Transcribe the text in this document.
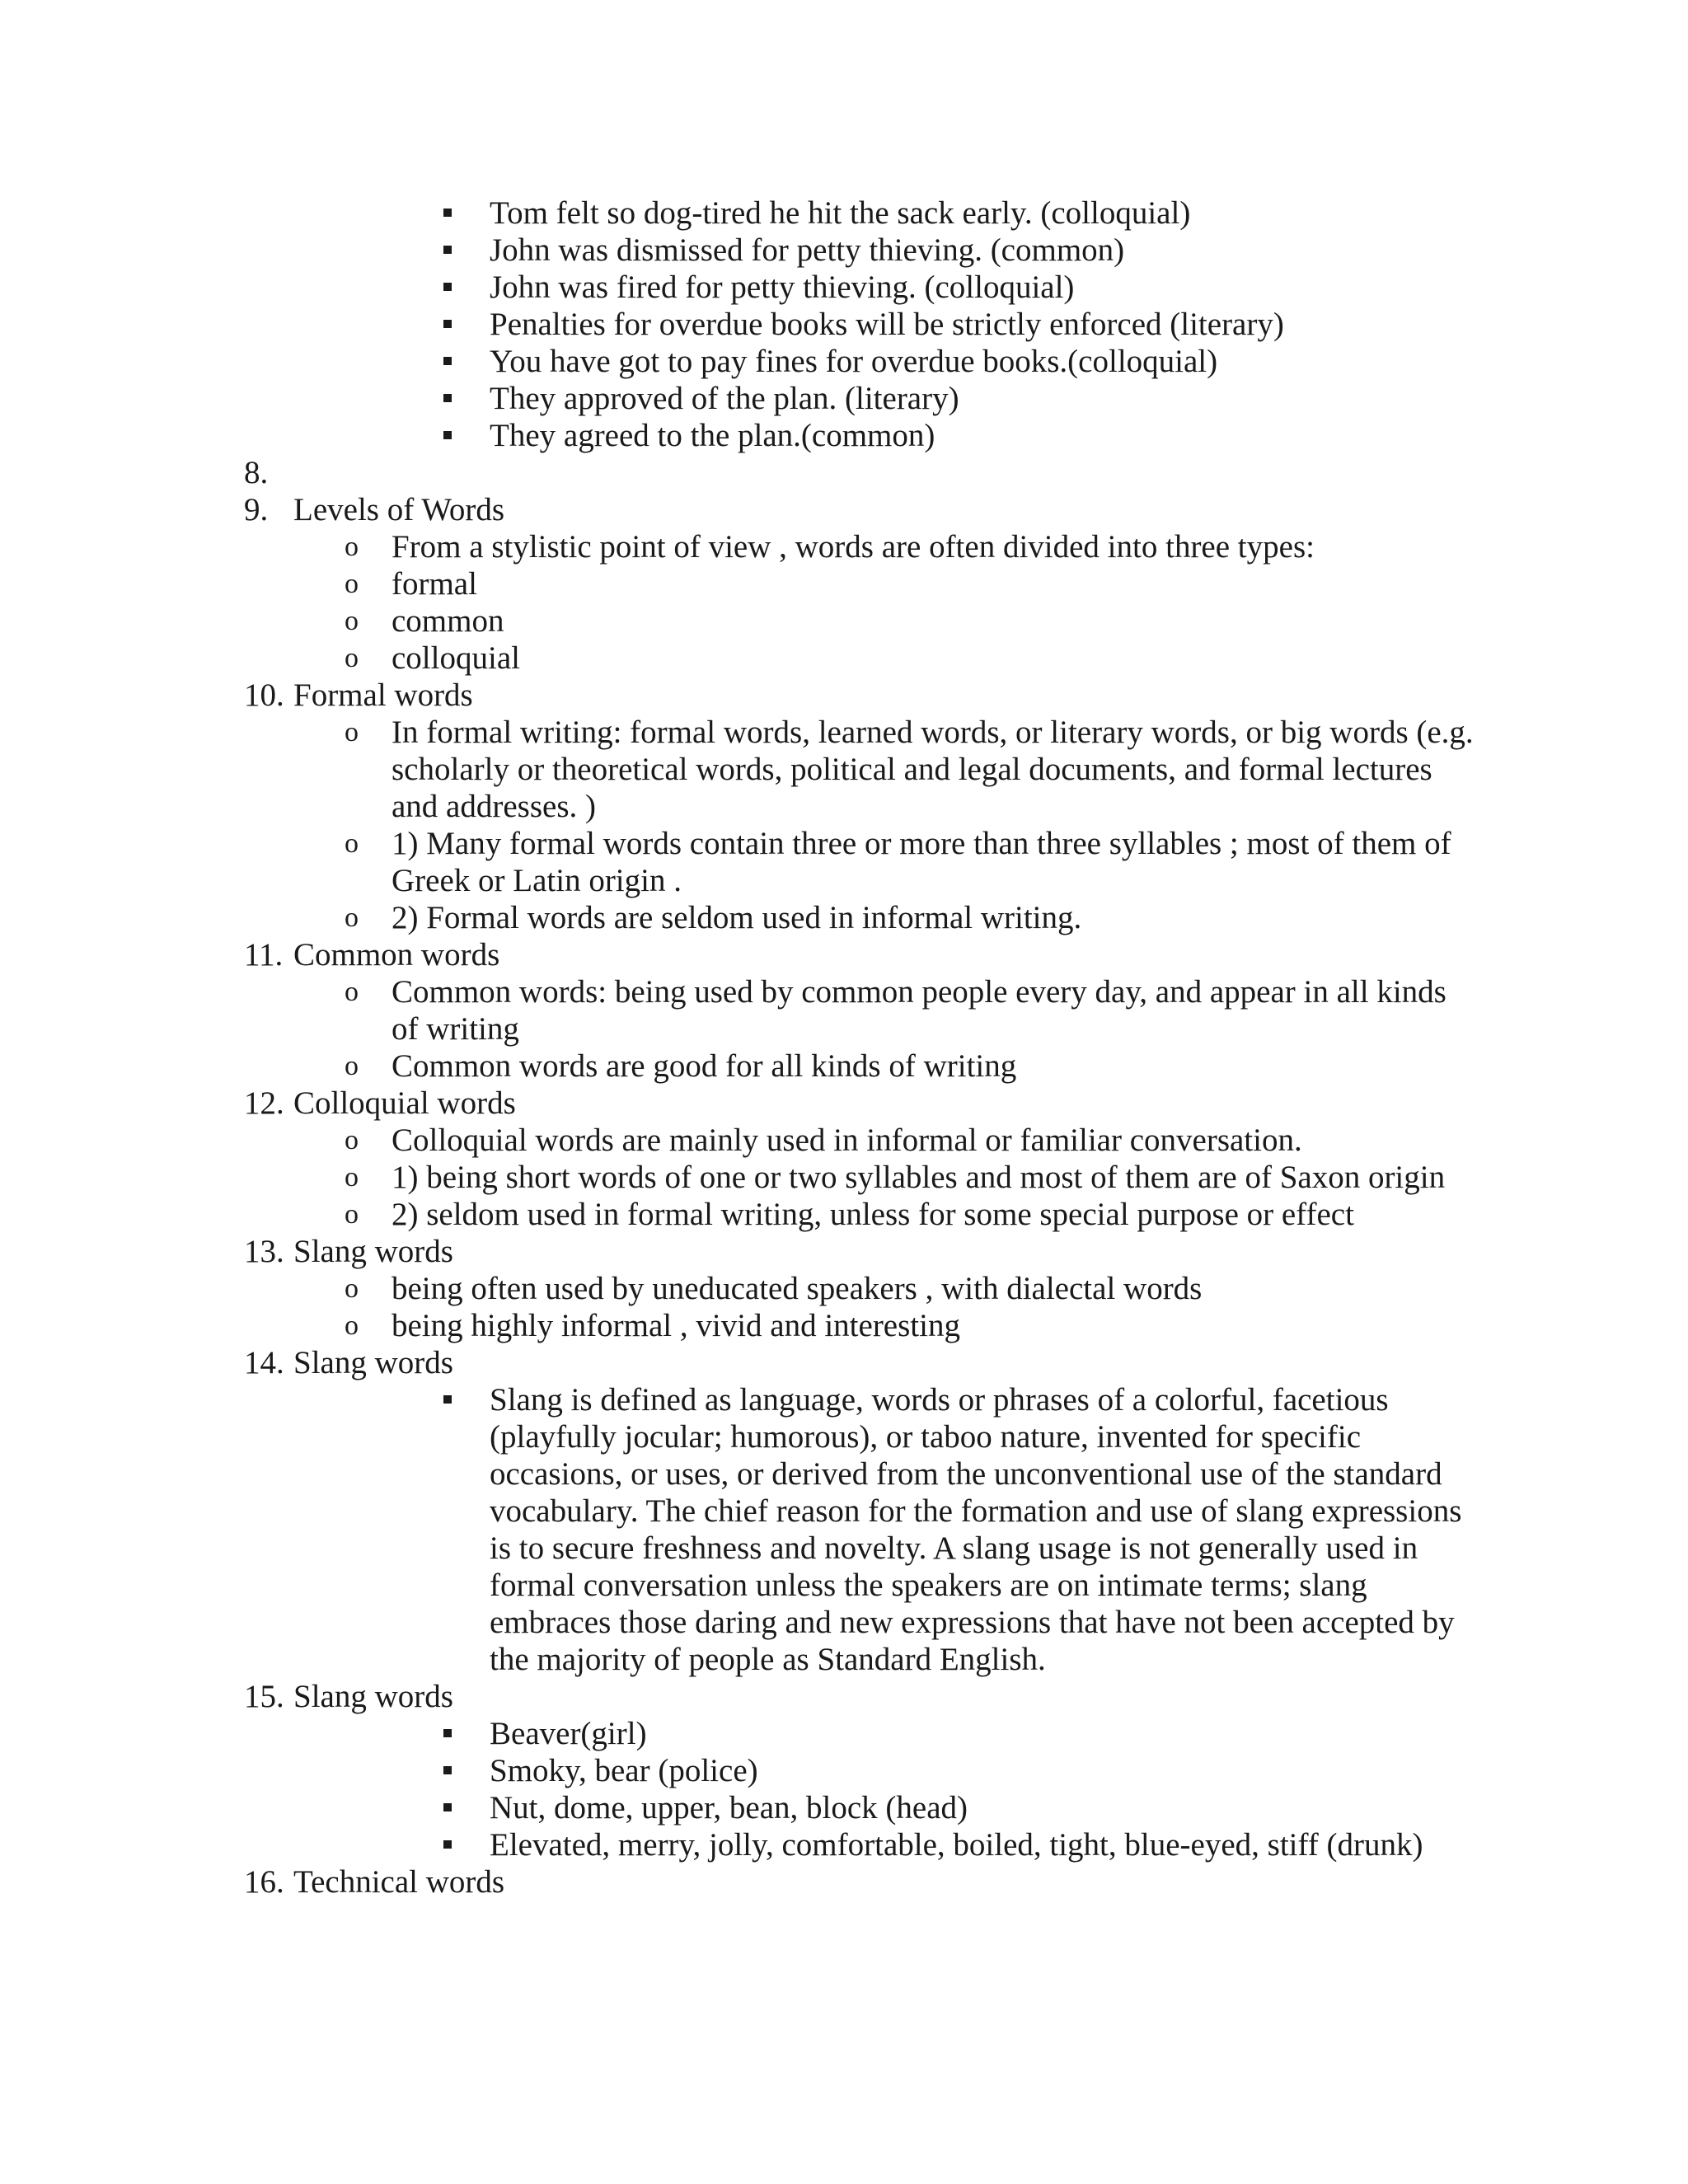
Tom felt so dog-tired he hit the sack early. (colloquial)
John was dismissed for petty thieving. (common)
John was fired for petty thieving. (colloquial)
Penalties for overdue books will be strictly enforced (literary)
You have got to pay fines for overdue books.(colloquial)
They approved of the plan. (literary)
They agreed to the plan.(common)
8.
9. Levels of Words
o From a stylistic point of view , words are often divided into three types:
o formal
o common
o colloquial
10. Formal words
o In formal writing: formal words, learned words, or literary words, or big words (e.g. scholarly or theoretical words, political and legal documents, and formal lectures and addresses. )
o 1) Many formal words contain three or more than three syllables ; most of them of Greek or Latin origin .
o 2) Formal words are seldom used in informal writing.
11. Common words
o Common words: being used by common people every day, and appear in all kinds of writing
o Common words are good for all kinds of writing
12. Colloquial words
o Colloquial words are mainly used in informal or familiar conversation.
o 1) being short words of one or two syllables and most of them are of Saxon origin
o 2) seldom used in formal writing, unless for some special purpose or effect
13. Slang words
o being often used by uneducated speakers , with dialectal words
o being highly informal , vivid and interesting
14. Slang words
Slang is defined as language, words or phrases of a colorful, facetious (playfully jocular; humorous), or taboo nature, invented for specific occasions, or uses, or derived from the unconventional use of the standard vocabulary. The chief reason for the formation and use of slang expressions is to secure freshness and novelty. A slang usage is not generally used in formal conversation unless the speakers are on intimate terms; slang embraces those daring and new expressions that have not been accepted by the majority of people as Standard English.
15. Slang words
Beaver(girl)
Smoky, bear (police)
Nut, dome, upper, bean, block (head)
Elevated, merry, jolly, comfortable, boiled, tight, blue-eyed, stiff (drunk)
16. Technical words
